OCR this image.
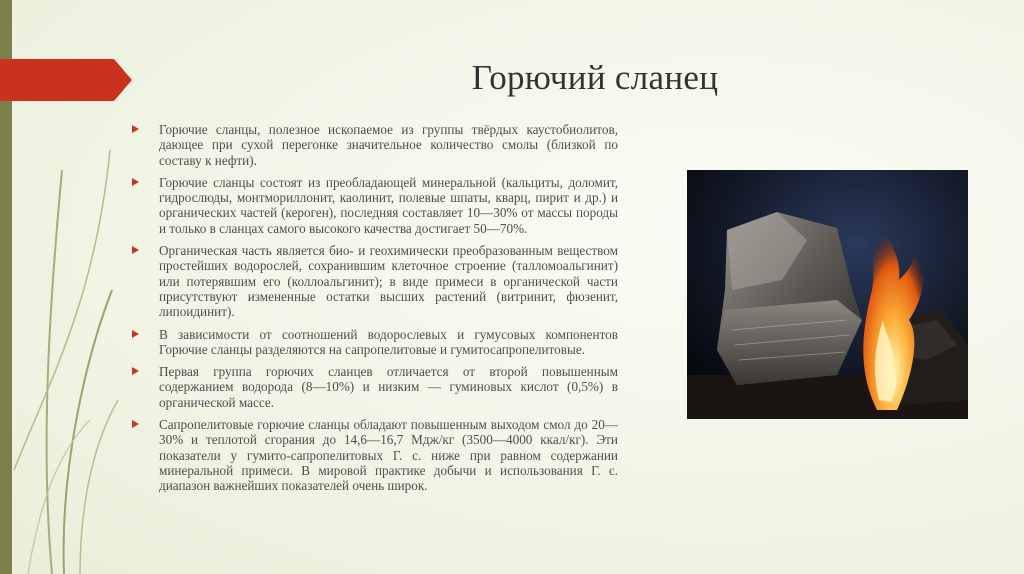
Горючий сланец
Горючие сланцы, полезное ископаемое из группы твёрдых каустобиолитов, дающее при сухой перегонке значительное количество смолы (близкой по составу к нефти).
Горючие сланцы состоят из преобладающей минеральной (кальциты, доломит, гидрослюды, монтмориллонит, каолинит, полевые шпаты, кварц, пирит и др.) и органических частей (кероген), последняя составляет 10—30% от массы породы и только в сланцах самого высокого качества достигает 50—70%.
Органическая часть является био- и геохимически преобразованным веществом простейших водорослей, сохранившим клеточное строение (талломоальгинит) или потерявшим его (коллоальгинит); в виде примеси в органической части присутствуют измененные остатки высших растений (витринит, фюзенит, липоидинит).
В зависимости от соотношений водорослевых и гумусовых компонентов Горючие сланцы разделяются на сапропелитовые и гумитосапропелитовые.
Первая группа горючих сланцев отличается от второй повышенным содержанием водорода (8—10%) и низким — гуминовых кислот (0,5%) в органической массе.
Сапропелитовые горючие сланцы обладают повышенным выходом смол до 20—30% и теплотой сгорания до 14,6—16,7 Мдж/кг (3500—4000 ккал/кг). Эти показатели у гумито-сапропелитовых Г. с. ниже при равном содержании минеральной примеси. В мировой практике добычи и использования Г. с. диапазон важнейших показателей очень широк.
